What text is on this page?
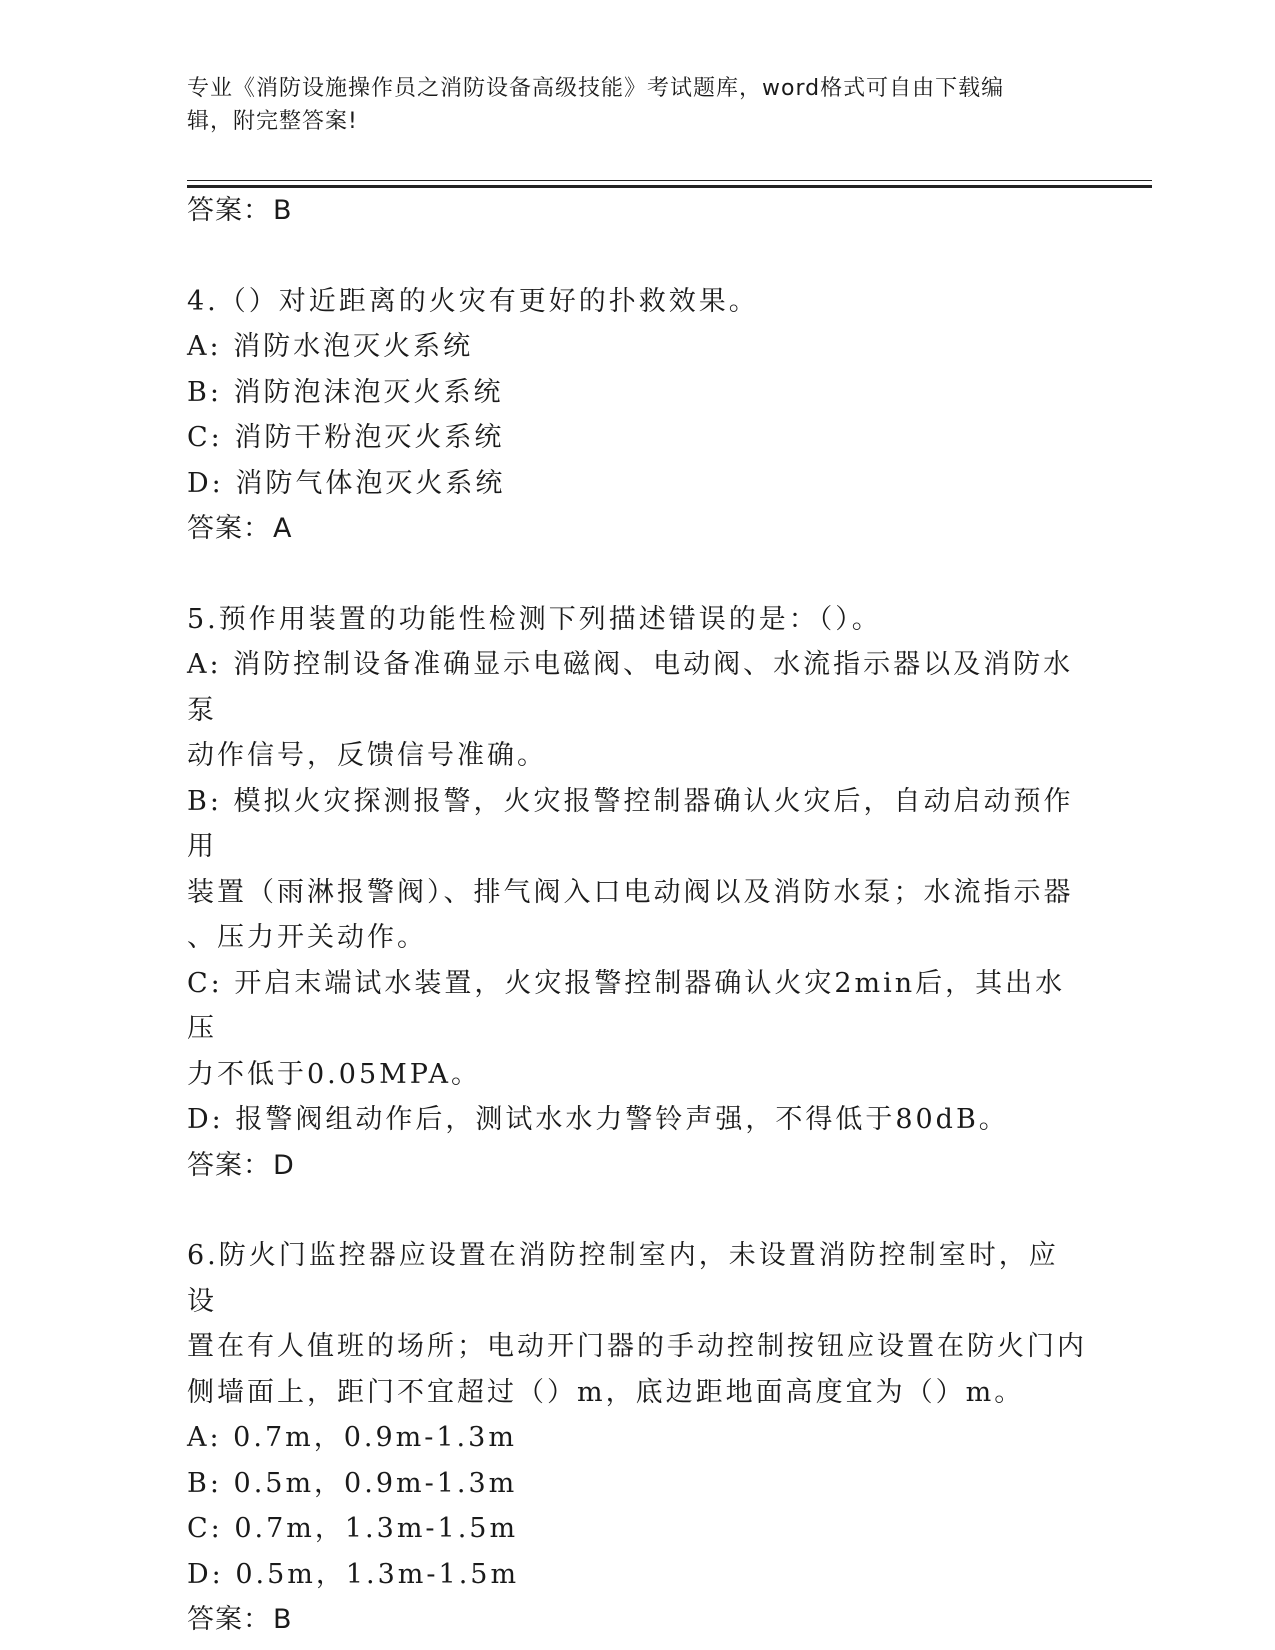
专业《消防设施操作员之消防设备高级技能》考试题库，word格式可自由下载编
辑，附完整答案!
答案：B
4.（）对近距离的火灾有更好的扑救效果。
A: 消防水泡灭火系统
B: 消防泡沫泡灭火系统
C: 消防干粉泡灭火系统
D: 消防气体泡灭火系统
答案：A
5.预作用装置的功能性检测下列描述错误的是：（）。
A: 消防控制设备准确显示电磁阀、电动阀、水流指示器以及消防水泵
动作信号，反馈信号准确。
B: 模拟火灾探测报警，火灾报警控制器确认火灾后，自动启动预作用
装置（雨淋报警阀）、排气阀入口电动阀以及消防水泵；水流指示器
、压力开关动作。
C: 开启末端试水装置，火灾报警控制器确认火灾2min后，其出水压
力不低于0.05MPA。
D: 报警阀组动作后，测试水水力警铃声强，不得低于80dB。
答案：D
6.防火门监控器应设置在消防控制室内，未设置消防控制室时，应设
置在有人值班的场所；电动开门器的手动控制按钮应设置在防火门内
侧墙面上，距门不宜超过（）m，底边距地面高度宜为（）m。
A: 0.7m，0.9m-1.3m
B: 0.5m，0.9m-1.3m
C: 0.7m，1.3m-1.5m
D: 0.5m，1.3m-1.5m
答案：B
